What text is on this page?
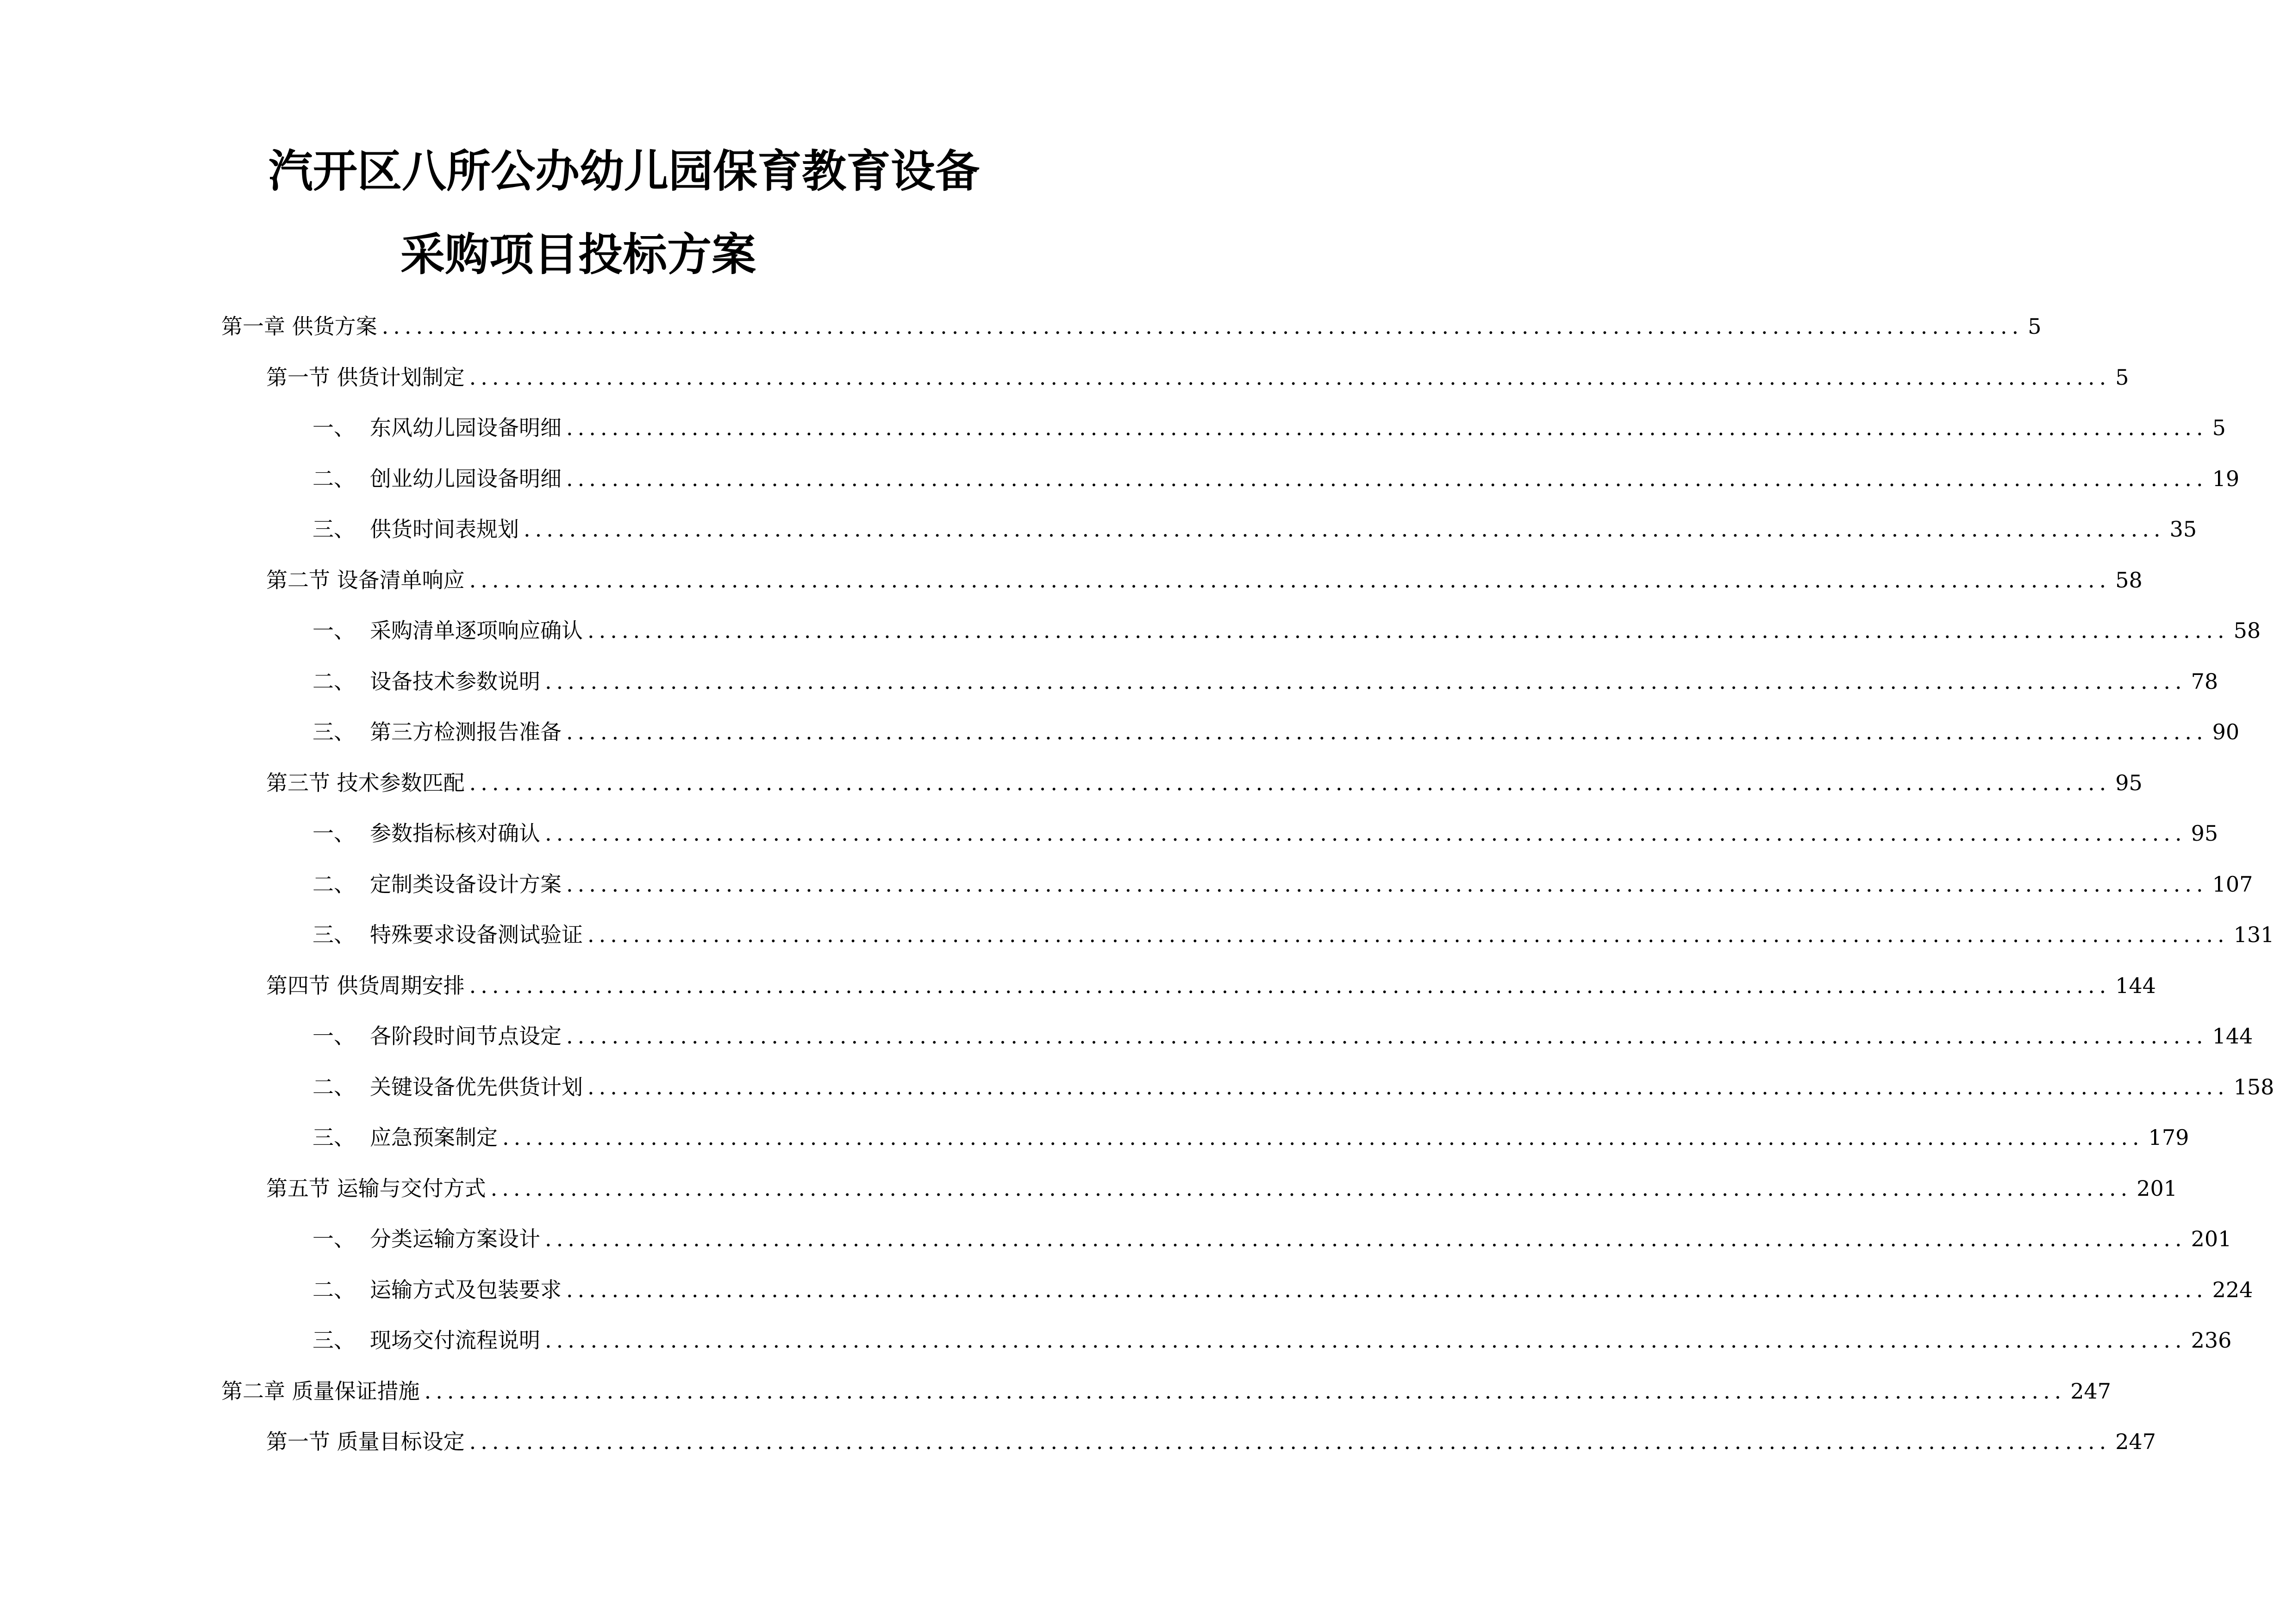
汽开区八所公办幼儿园保育教育设备
采购项目投标方案
第一章 供货方案 ................................................................................................................................................ 5
第一节 供货计划制定 ................................................................................................................................................ 5
一、 东风幼儿园设备明细 ................................................................................................................................................ 5
二、 创业幼儿园设备明细 ................................................................................................................................................ 19
三、 供货时间表规划 ................................................................................................................................................ 35
第二节 设备清单响应 ................................................................................................................................................ 58
一、 采购清单逐项响应确认 ................................................................................................................................................ 58
二、 设备技术参数说明 ................................................................................................................................................ 78
三、 第三方检测报告准备 ................................................................................................................................................ 90
第三节 技术参数匹配 ................................................................................................................................................ 95
一、 参数指标核对确认 ................................................................................................................................................ 95
二、 定制类设备设计方案 ................................................................................................................................................ 107
三、 特殊要求设备测试验证 ................................................................................................................................................ 131
第四节 供货周期安排 ................................................................................................................................................ 144
一、 各阶段时间节点设定 ................................................................................................................................................ 144
二、 关键设备优先供货计划 ................................................................................................................................................ 158
三、 应急预案制定 ................................................................................................................................................ 179
第五节 运输与交付方式 ................................................................................................................................................ 201
一、 分类运输方案设计 ................................................................................................................................................ 201
二、 运输方式及包装要求 ................................................................................................................................................ 224
三、 现场交付流程说明 ................................................................................................................................................ 236
第二章 质量保证措施 ................................................................................................................................................ 247
第一节 质量目标设定 ................................................................................................................................................ 247
